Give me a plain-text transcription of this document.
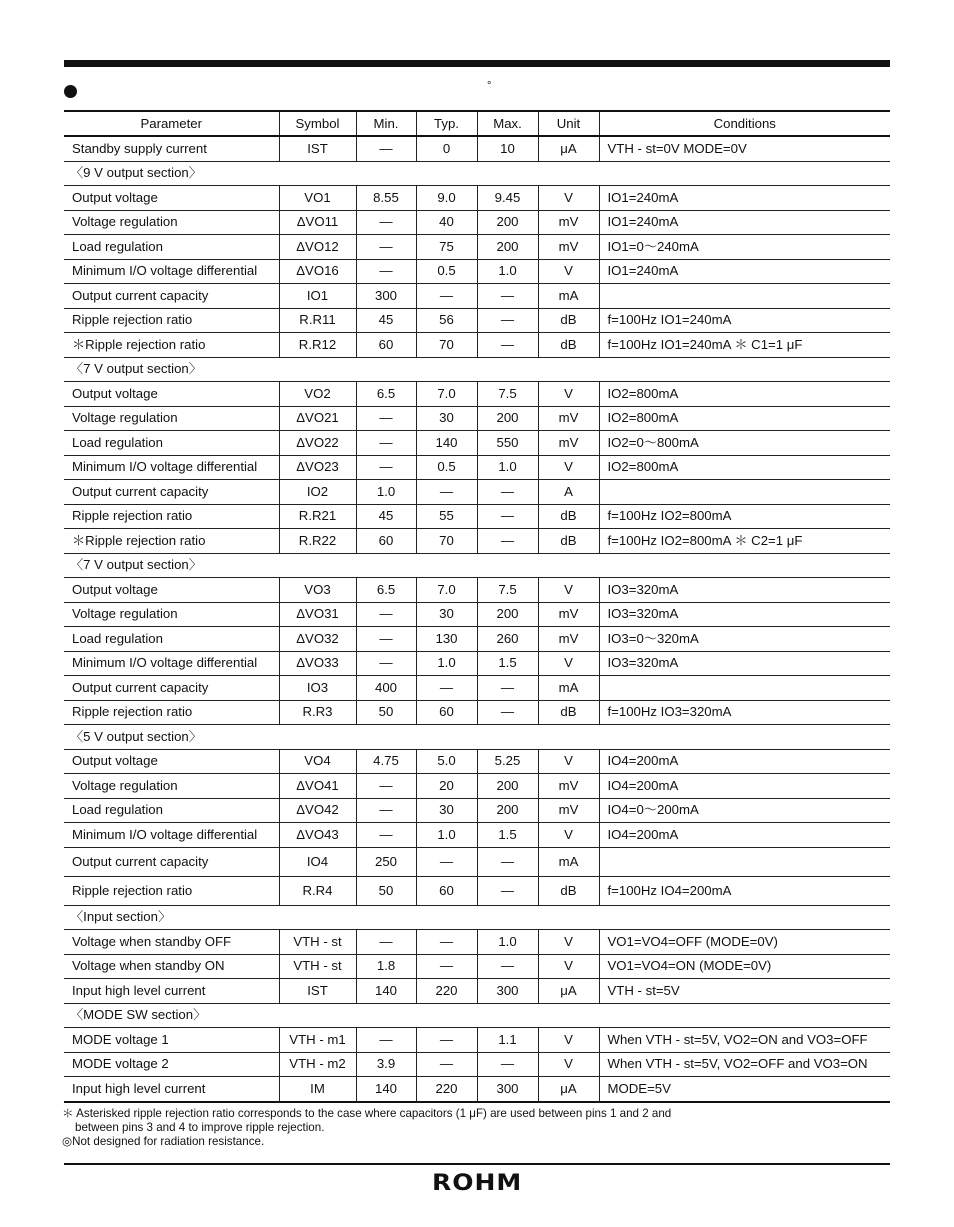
°
Parameter	Symbol	Min.	Typ.	Max.	Unit	Conditions
Standby supply current	IST	—	0	10	μA	VTH - st=0V MODE=0V
〈9 V output section〉						
Output voltage	VO1	8.55	9.0	9.45	V	IO1=240mA
Voltage regulation	ΔVO11	—	40	200	mV	IO1=240mA
Load regulation	ΔVO12	—	75	200	mV	IO1=0～240mA
Minimum I/O voltage differential	ΔVO16	—	0.5	1.0	V	IO1=240mA
Output current capacity	IO1	300	—	—	mA	
Ripple rejection ratio	R.R11	45	56	—	dB	f=100Hz IO1=240mA
＊Ripple rejection ratio	R.R12	60	70	—	dB	f=100Hz IO1=240mA ＊ C1=1 μF
〈7 V output section〉						
Output voltage	VO2	6.5	7.0	7.5	V	IO2=800mA
Voltage regulation	ΔVO21	—	30	200	mV	IO2=800mA
Load regulation	ΔVO22	—	140	550	mV	IO2=0～800mA
Minimum I/O voltage differential	ΔVO23	—	0.5	1.0	V	IO2=800mA
Output current capacity	IO2	1.0	—	—	A	
Ripple rejection ratio	R.R21	45	55	—	dB	f=100Hz IO2=800mA
＊Ripple rejection ratio	R.R22	60	70	—	dB	f=100Hz IO2=800mA ＊ C2=1 μF
〈7 V output section〉						
Output voltage	VO3	6.5	7.0	7.5	V	IO3=320mA
Voltage regulation	ΔVO31	—	30	200	mV	IO3=320mA
Load regulation	ΔVO32	—	130	260	mV	IO3=0～320mA
Minimum I/O voltage differential	ΔVO33	—	1.0	1.5	V	IO3=320mA
Output current capacity	IO3	400	—	—	mA	
Ripple rejection ratio	R.R3	50	60	—	dB	f=100Hz IO3=320mA
〈5 V output section〉						
Output voltage	VO4	4.75	5.0	5.25	V	IO4=200mA
Voltage regulation	ΔVO41	—	20	200	mV	IO4=200mA
Load regulation	ΔVO42	—	30	200	mV	IO4=0～200mA
Minimum I/O voltage differential	ΔVO43	—	1.0	1.5	V	IO4=200mA
Output current capacity	IO4	250	—	—	mA	
Ripple rejection ratio	R.R4	50	60	—	dB	f=100Hz IO4=200mA
〈Input section〉						
Voltage when standby OFF	VTH - st	—	—	1.0	V	VO1=VO4=OFF (MODE=0V)
Voltage when standby ON	VTH - st	1.8	—	—	V	VO1=VO4=ON (MODE=0V)
Input high level current	IST	140	220	300	μA	VTH - st=5V
〈MODE SW section〉						
MODE voltage 1	VTH - m1	—	—	1.1	V	When VTH - st=5V, VO2=ON and VO3=OFF
MODE voltage 2	VTH - m2	3.9	—	—	V	When VTH - st=5V, VO2=OFF and VO3=ON
Input high level current	IM	140	220	300	μA	MODE=5V
＊ Asterisked ripple rejection ratio corresponds to the case where capacitors (1 μF) are used between pins 1 and 2 and
between pins 3 and 4 to improve ripple rejection.
◎Not designed for radiation resistance.
ROHM
